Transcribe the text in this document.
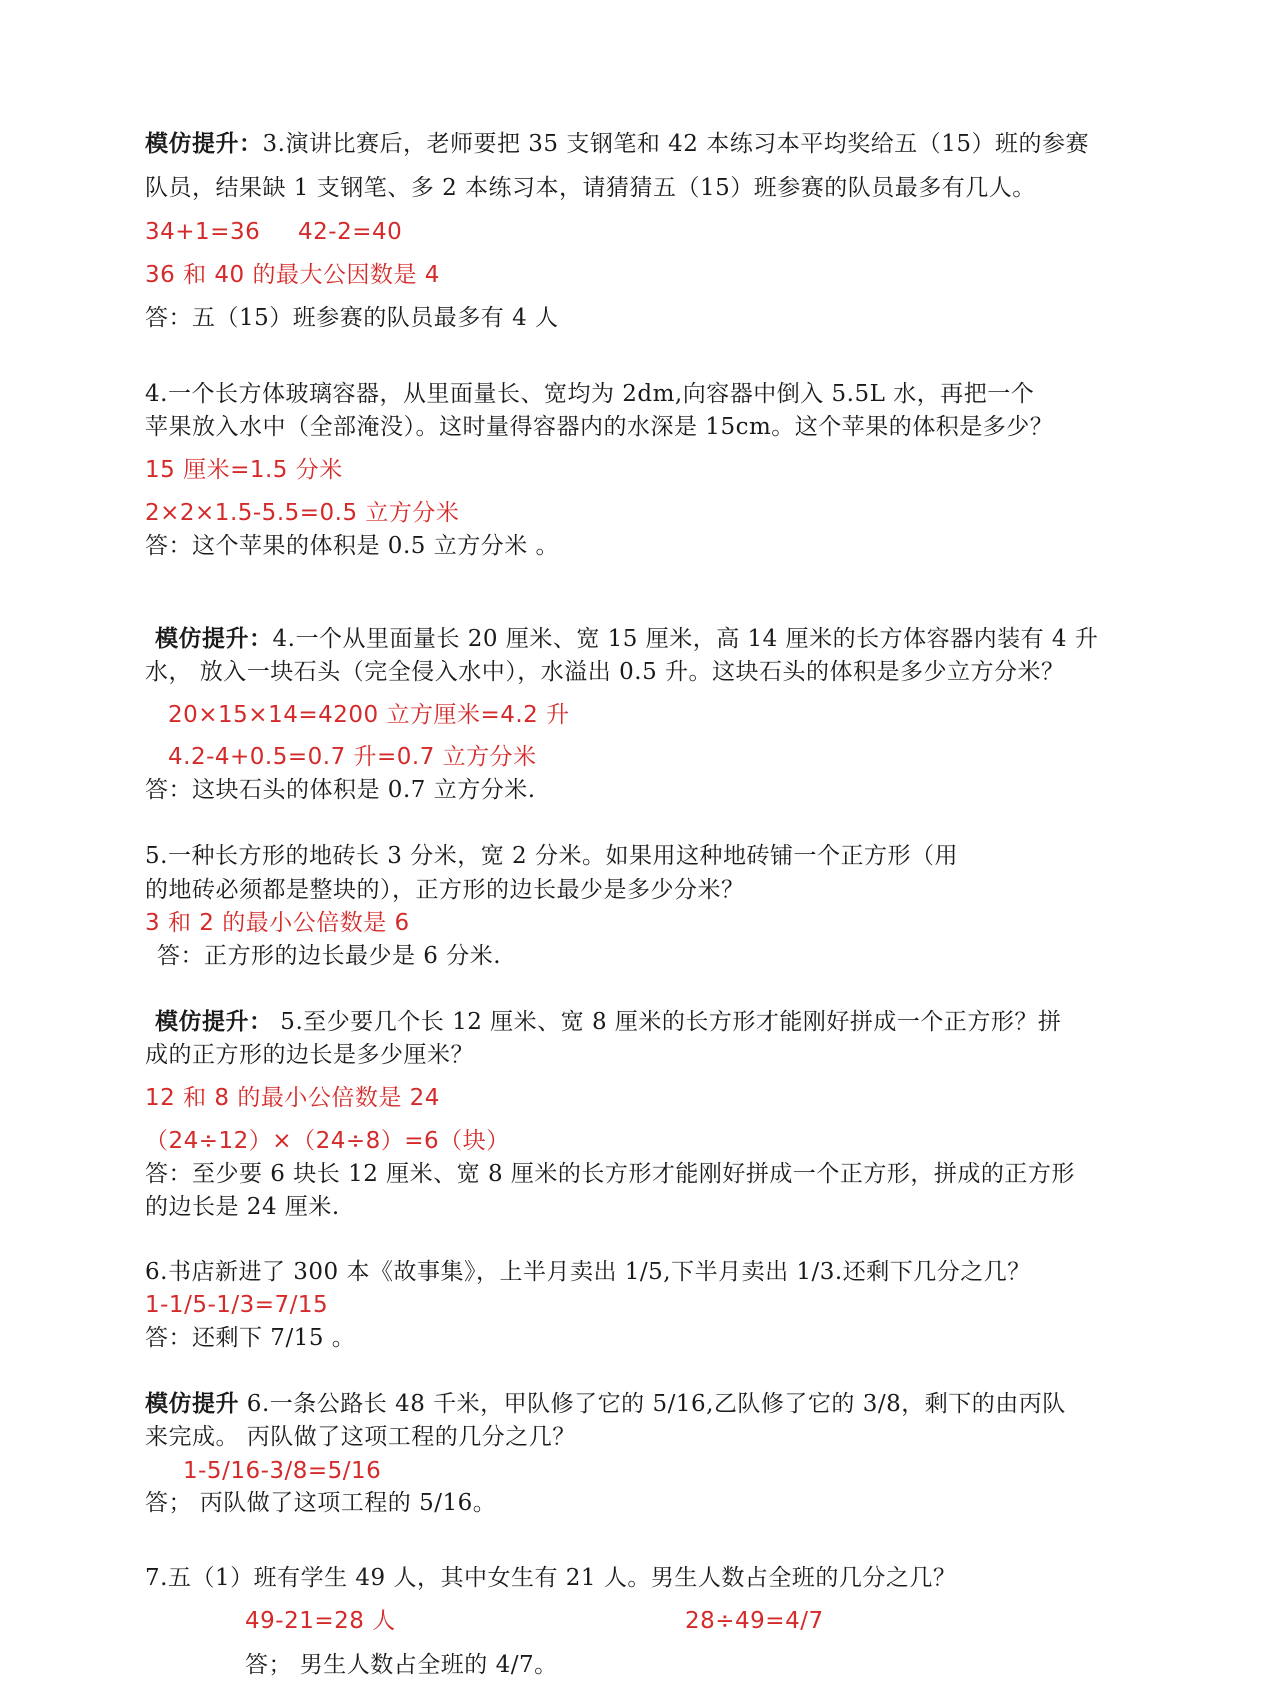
模仿提升：3.演讲比赛后，老师要把 35 支钢笔和 42 本练习本平均奖给五（15）班的参赛
队员，结果缺 1 支钢笔、多 2 本练习本，请猜猜五（15）班参赛的队员最多有几人。
34+1=36 42-2=40
36 和 40 的最大公因数是 4
答：五（15）班参赛的队员最多有 4 人
4.一个长方体玻璃容器，从里面量长、宽均为 2dm,向容器中倒入 5.5L 水，再把一个
苹果放入水中（全部淹没）。这时量得容器内的水深是 15cm。这个苹果的体积是多少？
15 厘米=1.5 分米
2×2×1.5-5.5=0.5 立方分米
答：这个苹果的体积是 0.5 立方分米 。
模仿提升：4.一个从里面量长 20 厘米、宽 15 厘米，高 14 厘米的长方体容器内装有 4 升
水， 放入一块石头（完全侵入水中），水溢出 0.5 升。这块石头的体积是多少立方分米？
20×15×14=4200 立方厘米=4.2 升
4.2-4+0.5=0.7 升=0.7 立方分米
答：这块石头的体积是 0.7 立方分米.
5.一种长方形的地砖长 3 分米，宽 2 分米。如果用这种地砖铺一个正方形（用
的地砖必须都是整块的），正方形的边长最少是多少分米？
3 和 2 的最小公倍数是 6
答：正方形的边长最少是 6 分米.
模仿提升： 5.至少要几个长 12 厘米、宽 8 厘米的长方形才能刚好拼成一个正方形？拼
成的正方形的边长是多少厘米？
12 和 8 的最小公倍数是 24
（24÷12）×（24÷8）=6（块）
答：至少要 6 块长 12 厘米、宽 8 厘米的长方形才能刚好拼成一个正方形，拼成的正方形
的边长是 24 厘米.
6.书店新进了 300 本《故事集》，上半月卖出 1/5,下半月卖出 1/3.还剩下几分之几？
1-1/5-1/3=7/15
答：还剩下 7/15 。
模仿提升 6.一条公路长 48 千米，甲队修了它的 5/16,乙队修了它的 3/8，剩下的由丙队
来完成。 丙队做了这项工程的几分之几？
1-5/16-3/8=5/16
答； 丙队做了这项工程的 5/16。
7.五（1）班有学生 49 人，其中女生有 21 人。男生人数占全班的几分之几？
49-21=28 人	28÷49=4/7
答； 男生人数占全班的 4/7。
